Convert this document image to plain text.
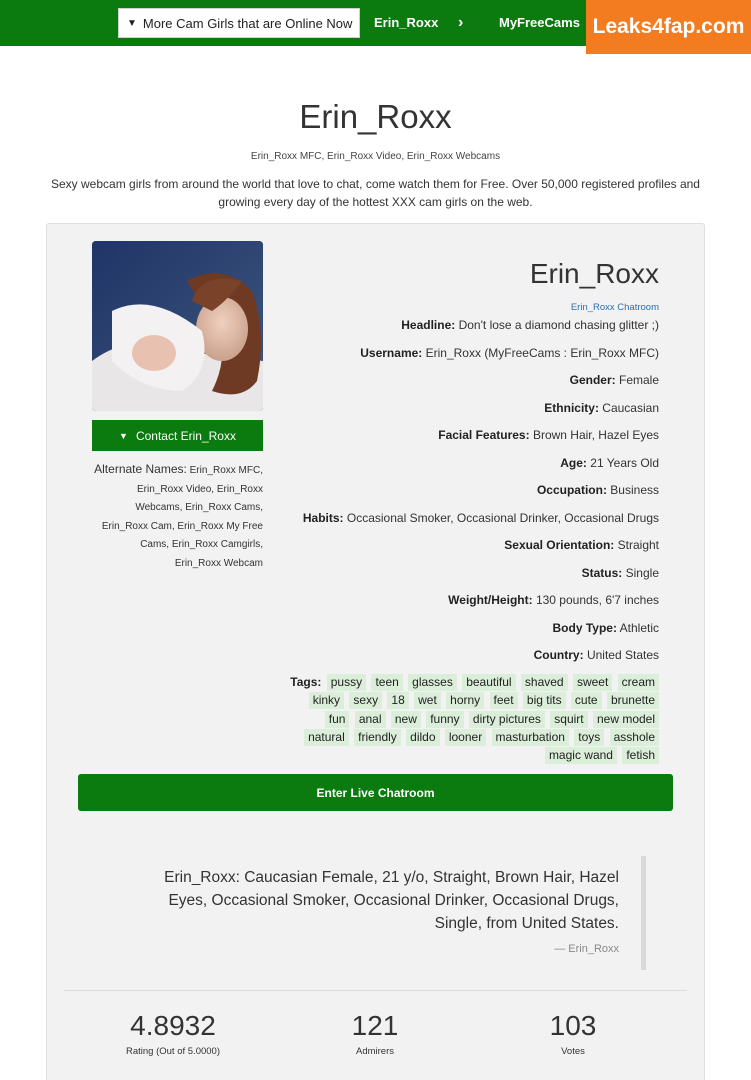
▼ More Cam Girls that are Online Now Erin_Roxx ›	MyFreeCams Leaks4fap.com
Erin_Roxx
Erin_Roxx MFC, Erin_Roxx Video, Erin_Roxx Webcams
Sexy webcam girls from around the world that love to chat, come watch them for Free. Over 50,000 registered profiles and growing every day of the hottest XXX cam girls on the web.
▼ Contact Erin_Roxx
Alternate Names: Erin_Roxx MFC, Erin_Roxx Video, Erin_Roxx Webcams, Erin_Roxx Cams, Erin_Roxx Cam, Erin_Roxx My Free Cams, Erin_Roxx Camgirls, Erin_Roxx Webcam
Erin_Roxx
Erin_Roxx Chatroom
Headline: Don't lose a diamond chasing glitter ;)
Username: Erin_Roxx (MyFreeCams : Erin_Roxx MFC)
Gender: Female
Ethnicity: Caucasian
Facial Features: Brown Hair, Hazel Eyes
Age: 21 Years Old
Occupation: Business
Habits: Occasional Smoker, Occasional Drinker, Occasional Drugs
Sexual Orientation: Straight
Status: Single
Weight/Height: 130 pounds, 6'7 inches
Body Type: Athletic
Country: United States
Tags: pussy teen glasses beautiful shaved sweet cream kinky sexy 18 wet horny feet big tits cute brunette fun anal new funny dirty pictures squirt new model natural friendly dildo looner masturbation toys asshole magic wand fetish
Enter Live Chatroom
Erin_Roxx: Caucasian Female, 21 y/o, Straight, Brown Hair, Hazel Eyes, Occasional Smoker, Occasional Drinker, Occasional Drugs, Single, from United States.
— Erin_Roxx
4.8932
Rating (Out of 5.0000)
121
Admirers
103
Votes
